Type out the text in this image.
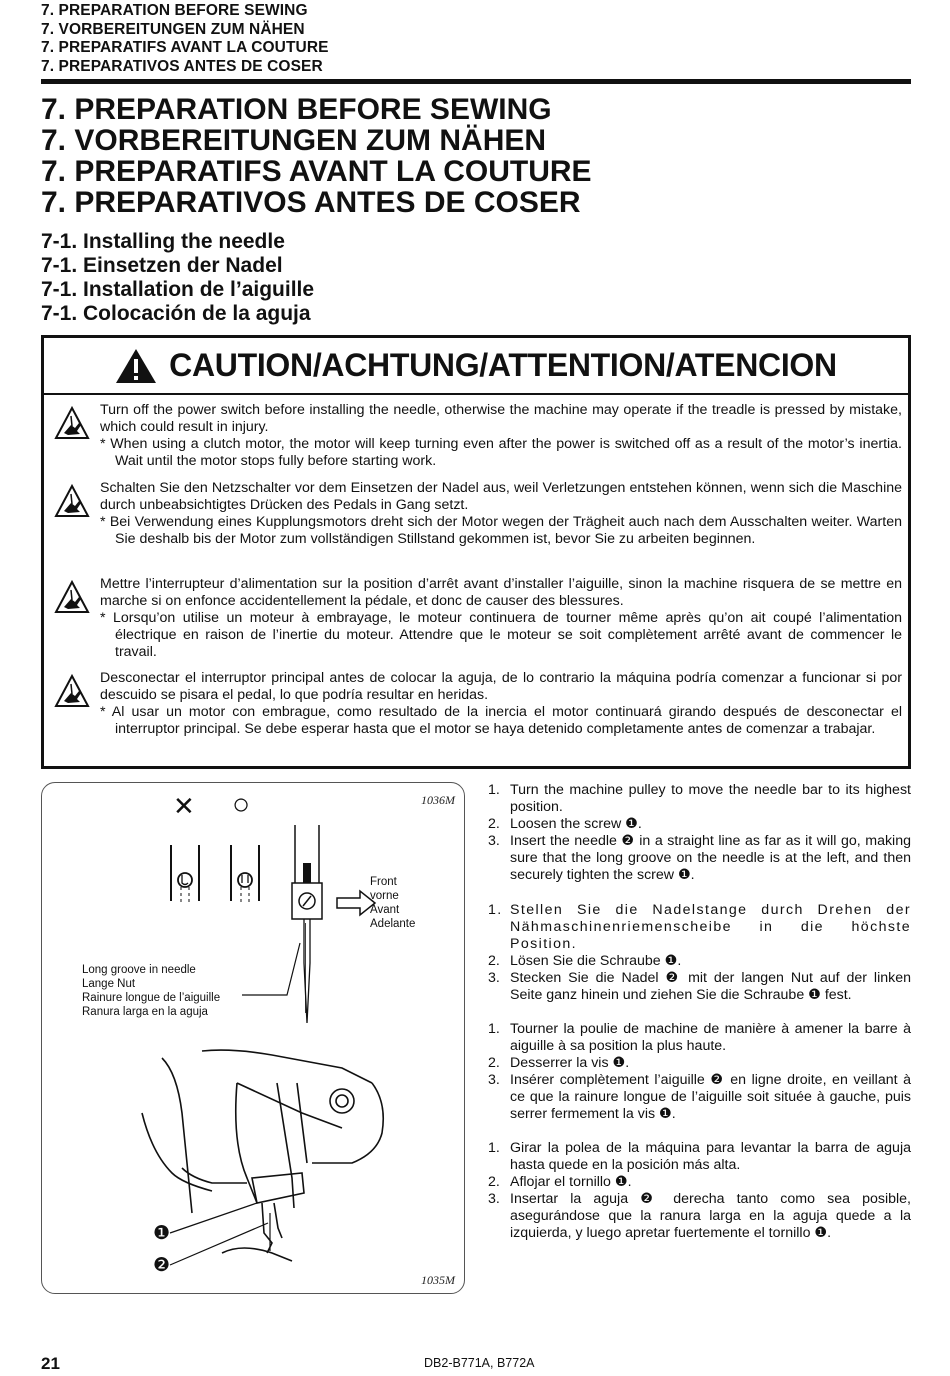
7. PREPARATION BEFORE SEWING
7. VORBEREITUNGEN ZUM NÄHEN
7. PREPARATIFS AVANT LA COUTURE
7. PREPARATIVOS ANTES DE COSER
7. PREPARATION BEFORE SEWING
7. VORBEREITUNGEN ZUM NÄHEN
7. PREPARATIFS AVANT LA COUTURE
7. PREPARATIVOS ANTES DE COSER
7-1. Installing the needle
7-1. Einsetzen der Nadel
7-1. Installation de l’aiguille
7-1. Colocación de la aguja
CAUTION/ACHTUNG/ATTENTION/ATENCION

Turn off the power switch before installing the needle, otherwise the machine may operate if the treadle is pressed by mistake, which could result in injury.

* When using a clutch motor, the motor will keep turning even after the power is switched off as a result of the motor’s inertia. Wait until the motor stops fully before starting work.

Schalten Sie den Netzschalter vor dem Einsetzen der Nadel aus, weil Verletzungen entstehen können, wenn sich die Maschine durch unbeabsichtigtes Drücken des Pedals in Gang setzt.

* Bei Verwendung eines Kupplungsmotors dreht sich der Motor wegen der Trägheit auch nach dem Ausschalten weiter. Warten Sie deshalb bis der Motor zum vollständigen Stillstand gekommen ist, bevor Sie zu arbeiten beginnen.

Mettre l’interrupteur d’alimentation sur la position d’arrêt avant d’installer l’aiguille, sinon la machine risquera de se mettre en marche si on enfonce accidentellement la pédale, et donc de causer des blessures.

* Lorsqu’on utilise un moteur à embrayage, le moteur continuera de tourner même après qu’on ait coupé l’alimentation électrique en raison de l’inertie du moteur. Attendre que le moteur se soit complètement arrêté avant de commencer le travail.

Desconectar el interruptor principal antes de colocar la aguja, de lo contrario la máquina podría comenzar a funcionar si por descuido se pisara el pedal, lo que podría resultar en heridas.

* Al usar un motor con embrague, como resultado de la inercia el motor continuará girando después de desconectar el interruptor principal. Se debe esperar hasta que el motor se haya detenido completamente antes de comenzar a trabajar.

1036M
1035M
✕ ○
Front
vorne
Avant
Adelante
Long groove in needle
Lange Nut
Rainure longue de l’aiguille
Ranura larga en la aguja
❶
❷
1. Turn the machine pulley to move the needle bar to its highest position.
2. Loosen the screw ❶.
3. Insert the needle ❷ in a straight line as far as it will go, making sure that the long groove on the needle is at the left, and then securely tighten the screw ❶.
1. Stellen Sie die Nadelstange durch Drehen der Nähmaschinenriemenscheibe in die höchste Position.
2. Lösen Sie die Schraube ❶.
3. Stecken Sie die Nadel ❷ mit der langen Nut auf der linken Seite ganz hinein und ziehen Sie die Schraube ❶ fest.
1. Tourner la poulie de machine de manière à amener la barre à aiguille à sa position la plus haute.
2. Desserrer la vis ❶.
3. Insérer complètement l’aiguille ❷ en ligne droite, en veillant à ce que la rainure longue de l’aiguille soit située à gauche, puis serrer fermement la vis ❶.
1. Girar la polea de la máquina para levantar la barra de aguja hasta quede en la posición más alta.
2. Aflojar el tornillo ❶.
3. Insertar la aguja ❷ derecha tanto como sea posible, asegurándose que la ranura larga en la aguja quede a la izquierda, y luego apretar fuertemente el tornillo ❶.
21	DB2-B771A, B772A
